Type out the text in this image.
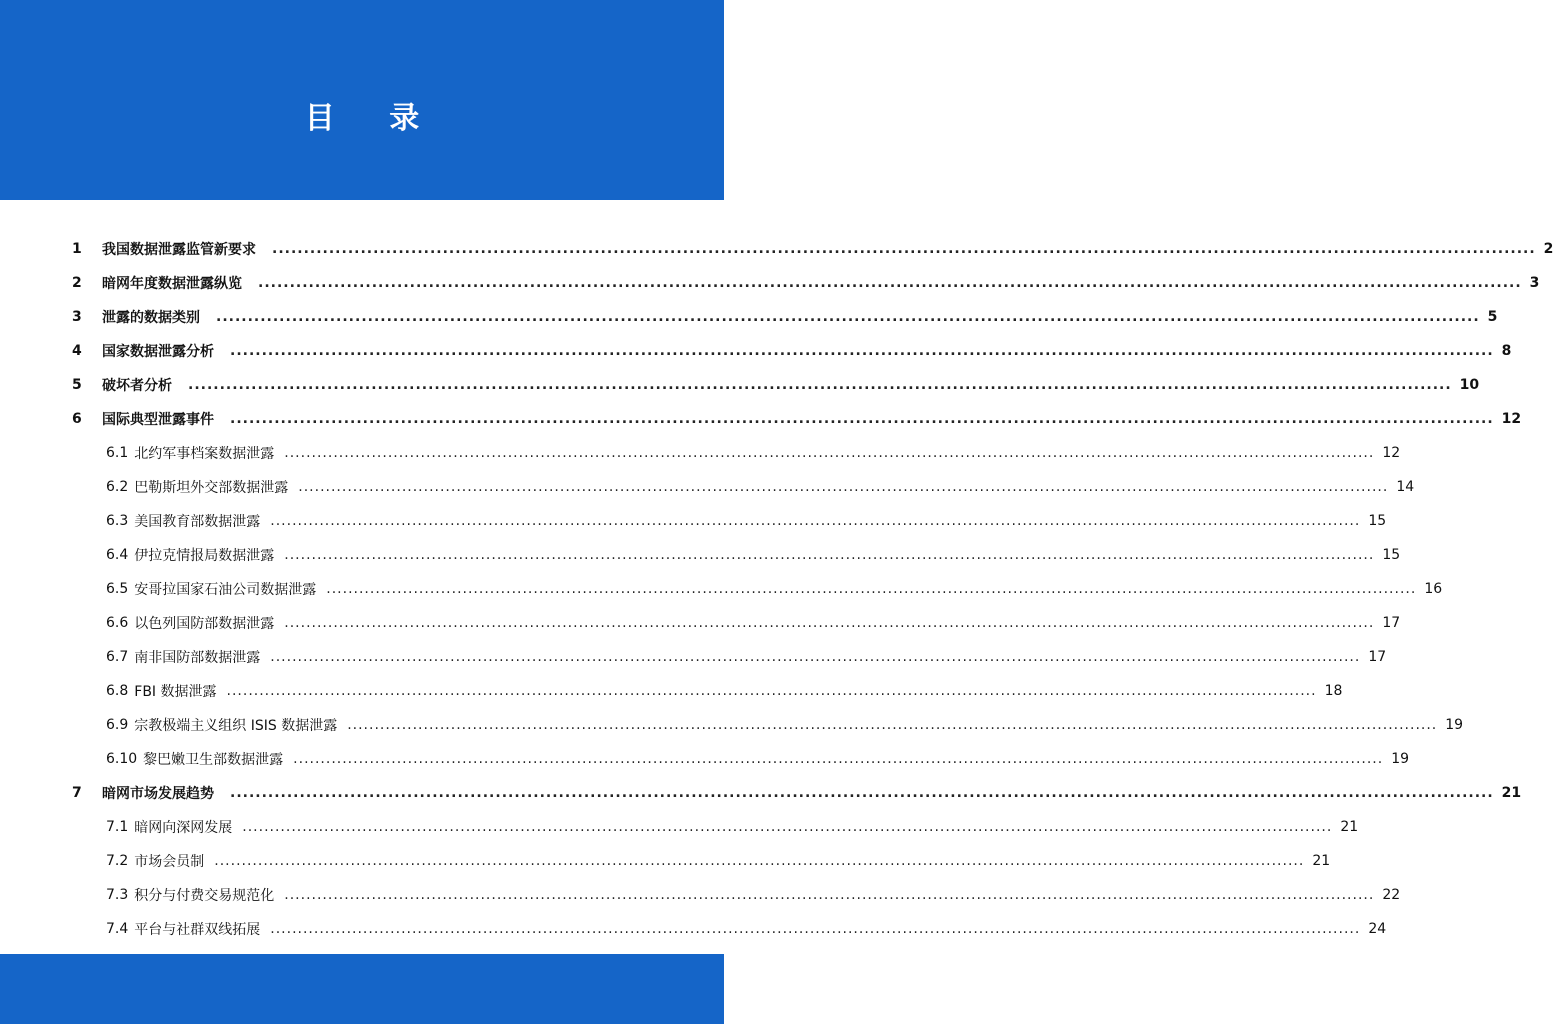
目 录
1	我国数据泄露监管新要求 ........................................................................................................................................................................................................ 2
2	暗网年度数据泄露纵览 ........................................................................................................................................................................................................ 3
3	泄露的数据类别 ........................................................................................................................................................................................................ 5
4	国家数据泄露分析 ........................................................................................................................................................................................................ 8
5	破坏者分析 ........................................................................................................................................................................................................ 10
6	国际典型泄露事件 ........................................................................................................................................................................................................ 12
6.1 北约军事档案数据泄露 ........................................................................................................................................................................................................ 12
6.2 巴勒斯坦外交部数据泄露 ........................................................................................................................................................................................................ 14
6.3 美国教育部数据泄露 ........................................................................................................................................................................................................ 15
6.4 伊拉克情报局数据泄露 ........................................................................................................................................................................................................ 15
6.5 安哥拉国家石油公司数据泄露 ........................................................................................................................................................................................................ 16
6.6 以色列国防部数据泄露 ........................................................................................................................................................................................................ 17
6.7 南非国防部数据泄露 ........................................................................................................................................................................................................ 17
6.8 FBI 数据泄露 ........................................................................................................................................................................................................ 18
6.9 宗教极端主义组织 ISIS 数据泄露 ........................................................................................................................................................................................................ 19
6.10 黎巴嫩卫生部数据泄露 ........................................................................................................................................................................................................ 19
7	暗网市场发展趋势 ........................................................................................................................................................................................................ 21
7.1 暗网向深网发展 ........................................................................................................................................................................................................ 21
7.2 市场会员制 ........................................................................................................................................................................................................ 21
7.3 积分与付费交易规范化 ........................................................................................................................................................................................................ 22
7.4 平台与社群双线拓展 ........................................................................................................................................................................................................ 24
